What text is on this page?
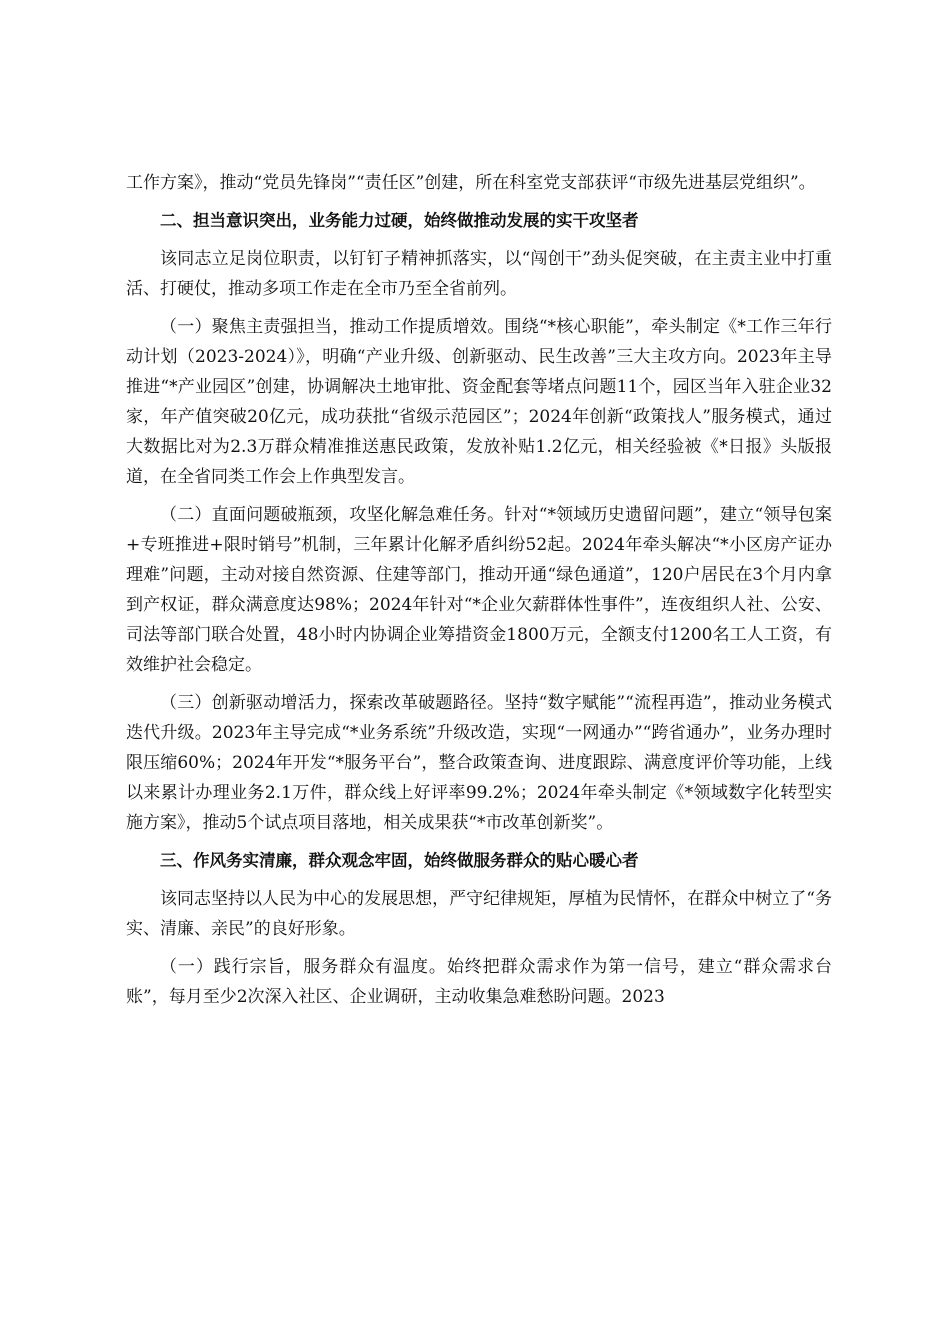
工作方案》，推动“党员先锋岗”“责任区”创建，所在科室党支部获评“市级先进基层党组织”。

二、担当意识突出，业务能力过硬，始终做推动发展的实干攻坚者

该同志立足岗位职责，以钉钉子精神抓落实，以“闯创干”劲头促突破，在主责主业中打重活、打硬仗，推动多项工作走在全市乃至全省前列。

（一）聚焦主责强担当，推动工作提质增效。围绕“*核心职能”，牵头制定《*工作三年行动计划（2023-2024）》，明确“产业升级、创新驱动、民生改善”三大主攻方向。2023年主导推进“*产业园区”创建，协调解决土地审批、资金配套等堵点问题11个，园区当年入驻企业32家，年产值突破20亿元，成功获批“省级示范园区”；2024年创新“政策找人”服务模式，通过大数据比对为2.3万群众精准推送惠民政策，发放补贴1.2亿元，相关经验被《*日报》头版报道，在全省同类工作会上作典型发言。

（二）直面问题破瓶颈，攻坚化解急难任务。针对“*领域历史遗留问题”，建立“领导包案+专班推进+限时销号”机制，三年累计化解矛盾纠纷52起。2024年牵头解决“*小区房产证办理难”问题，主动对接自然资源、住建等部门，推动开通“绿色通道”，120户居民在3个月内拿到产权证，群众满意度达98%；2024年针对“*企业欠薪群体性事件”，连夜组织人社、公安、司法等部门联合处置，48小时内协调企业筹措资金1800万元，全额支付1200名工人工资，有效维护社会稳定。

（三）创新驱动增活力，探索改革破题路径。坚持“数字赋能”“流程再造”，推动业务模式迭代升级。2023年主导完成“*业务系统”升级改造，实现“一网通办”“跨省通办”，业务办理时限压缩60%；2024年开发“*服务平台”，整合政策查询、进度跟踪、满意度评价等功能，上线以来累计办理业务2.1万件，群众线上好评率99.2%；2024年牵头制定《*领域数字化转型实施方案》，推动5个试点项目落地，相关成果获“*市改革创新奖”。

三、作风务实清廉，群众观念牢固，始终做服务群众的贴心暖心者

该同志坚持以人民为中心的发展思想，严守纪律规矩，厚植为民情怀，在群众中树立了“务实、清廉、亲民”的良好形象。

（一）践行宗旨，服务群众有温度。始终把群众需求作为第一信号，建立“群众需求台账”，每月至少2次深入社区、企业调研，主动收集急难愁盼问题。2023
